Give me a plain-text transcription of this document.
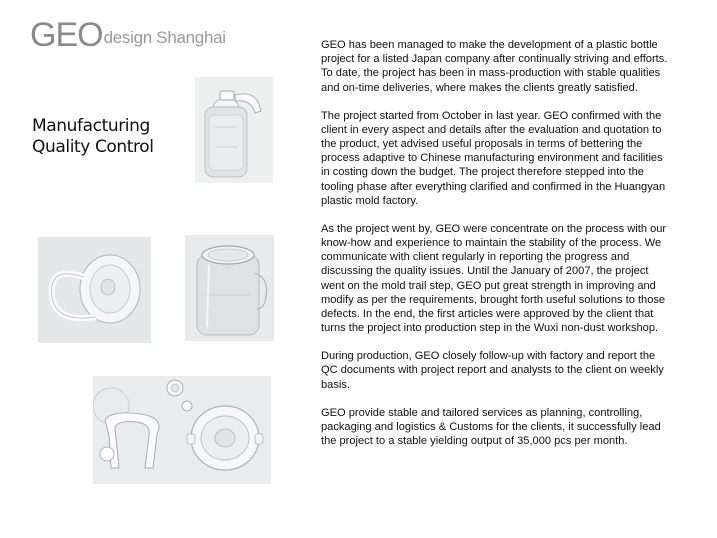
GEO design Shanghai
Manufacturing
Quality Control

GEO has been managed to make the development of a plastic bottle project for a listed Japan company after continually striving and efforts. To date, the project has been in mass-production with stable qualities and on-time deliveries, where makes the clients greatly satisfied.

The project started from October in last year. GEO confirmed with the client in every aspect and details after the evaluation and quotation to the product, yet advised useful proposals in terms of bettering the process adaptive to Chinese manufacturing environment and facilities in costing down the budget. The project therefore stepped into the tooling phase after everything clarified and confirmed in the Huangyan plastic mold factory.

As the project went by, GEO were concentrate on the process with our know-how and experience to maintain the stability of the process. We communicate with client regularly in reporting the progress and discussing the quality issues. Until the January of 2007, the project went on the mold trail step, GEO put great strength in improving and modify as per the requirements, brought forth useful solutions to those defects. In the end, the first articles were approved by the client that turns the project into production step in the Wuxi non-dust workshop.

During production, GEO closely follow-up with factory and report the QC documents with project report and analysts to the client on weekly basis.

GEO provide stable and tailored services as planning, controlling, packaging and logistics & Customs for the clients, it successfully lead the project to a stable yielding output of 35,000 pcs per month.
